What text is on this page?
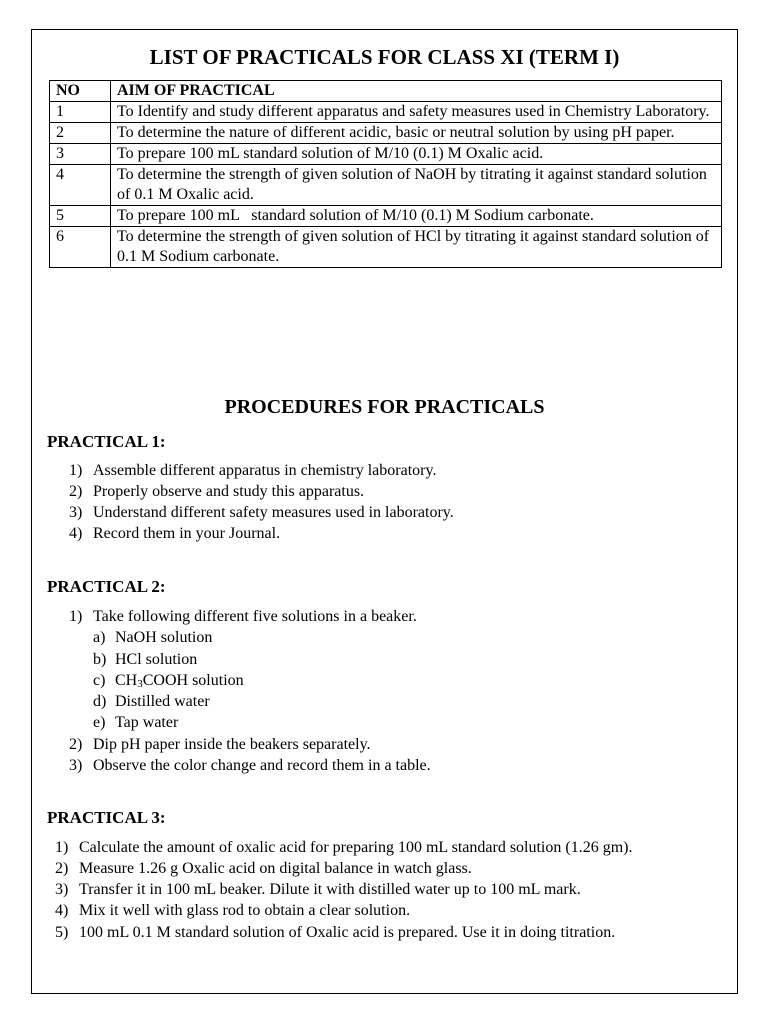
LIST OF PRACTICALS FOR CLASS XI (TERM I)
NO	AIM OF PRACTICAL
1	To Identify and study different apparatus and safety measures used in Chemistry Laboratory.
2	To determine the nature of different acidic, basic or neutral solution by using pH paper.
3	To prepare 100 mL standard solution of M/10 (0.1) M Oxalic acid.
4	To determine the strength of given solution of NaOH by titrating it against standard solution of 0.1 M Oxalic acid.
5	To prepare 100 mL   standard solution of M/10 (0.1) M Sodium carbonate.
6	To determine the strength of given solution of HCl by titrating it against standard solution of 0.1 M Sodium carbonate.
PROCEDURES FOR PRACTICALS
PRACTICAL 1:
1) Assemble different apparatus in chemistry laboratory.
2) Properly observe and study this apparatus.
3) Understand different safety measures used in laboratory.
4) Record them in your Journal.
PRACTICAL 2:
1) Take following different five solutions in a beaker.
a) NaOH solution
b) HCl solution
c) $CH_3COOH$ solution
d) Distilled water
e) Tap water
2) Dip pH paper inside the beakers separately.
3) Observe the color change and record them in a table.
PRACTICAL 3:
1) Calculate the amount of oxalic acid for preparing 100 mL standard solution (1.26 gm).
2) Measure 1.26 g Oxalic acid on digital balance in watch glass.
3) Transfer it in 100 mL beaker. Dilute it with distilled water up to 100 mL mark.
4) Mix it well with glass rod to obtain a clear solution.
5) 100 mL 0.1 M standard solution of Oxalic acid is prepared. Use it in doing titration.
